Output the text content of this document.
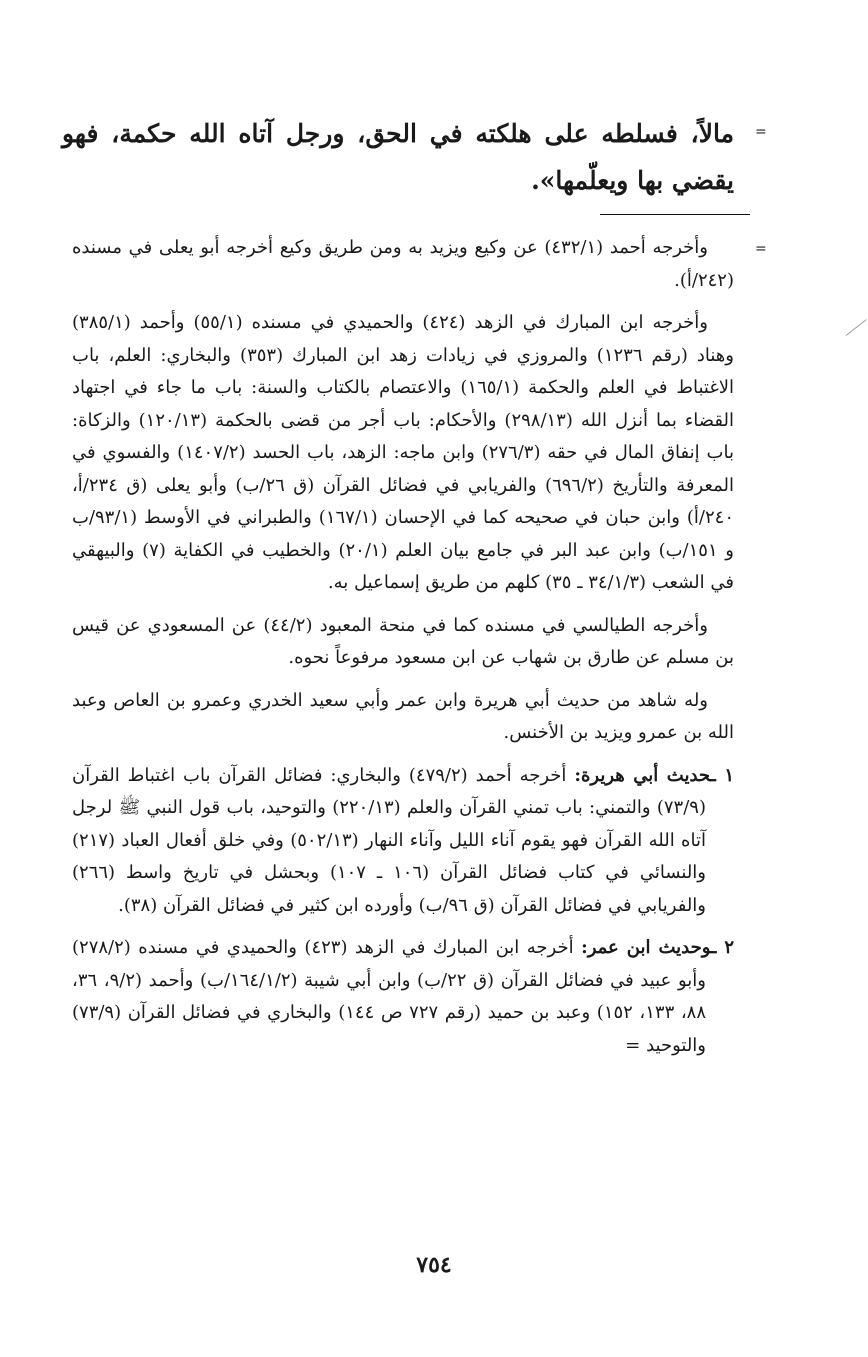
=
مالاً، فسلطه على هلكته في الحق، ورجل آتاه الله حكمة، فهو يقضي بها ويعلّمها».
=

وأخرجه أحمد (٤٣٢/١) عن وكيع ويزيد به ومن طريق وكيع أخرجه أبو يعلى في مسنده (٢٤٢/أ).

وأخرجه ابن المبارك في الزهد (٤٢٤) والحميدي في مسنده (٥٥/١) وأحمد (٣٨٥/١) وهناد (رقم ١٢٣٦) والمروزي في زيادات زهد ابن المبارك (٣٥٣) والبخاري: العلم، باب الاغتباط في العلم والحكمة (١٦٥/١) والاعتصام بالكتاب والسنة: باب ما جاء في اجتهاد القضاء بما أنزل الله (٢٩٨/١٣) والأحكام: باب أجر من قضى بالحكمة (١٢٠/١٣) والزكاة: باب إنفاق المال في حقه (٢٧٦/٣) وابن ماجه: الزهد، باب الحسد (١٤٠٧/٢) والفسوي في المعرفة والتأريخ (٦٩٦/٢) والفريابي في فضائل القرآن (ق ٢٦/ب) وأبو يعلى (ق ٢٣٤/أ، ٢٤٠/أ) وابن حبان في صحيحه كما في الإحسان (١٦٧/١) والطبراني في الأوسط (٩٣/١/ب و ١٥١/ب) وابن عبد البر في جامع بيان العلم (٢٠/١) والخطيب في الكفاية (٧) والبيهقي في الشعب (٣٤/١/٣ ـ ٣٥) كلهم من طريق إسماعيل به.

وأخرجه الطيالسي في مسنده كما في منحة المعبود (٤٤/٢) عن المسعودي عن قيس بن مسلم عن طارق بن شهاب عن ابن مسعود مرفوعاً نحوه.

وله شاهد من حديث أبي هريرة وابن عمر وأبي سعيد الخدري وعمرو بن العاص وعبد الله بن عمرو ويزيد بن الأخنس.

١ ـحديث أبي هريرة: أخرجه أحمد (٤٧٩/٢) والبخاري: فضائل القرآن باب اغتباط القرآن (٧٣/٩) والتمني: باب تمني القرآن والعلم (٢٢٠/١٣) والتوحيد، باب قول النبي ﷺ لرجل آتاه الله القرآن فهو يقوم آناء الليل وآناء النهار (٥٠٢/١٣) وفي خلق أفعال العباد (٢١٧) والنسائي في كتاب فضائل القرآن (١٠٦ ـ ١٠٧) وبحشل في تاريخ واسط (٢٦٦) والفريابي في فضائل القرآن (ق ٩٦/ب) وأورده ابن كثير في فضائل القرآن (٣٨).

٢ ـوحديث ابن عمر: أخرجه ابن المبارك في الزهد (٤٢٣) والحميدي في مسنده (٢٧٨/٢) وأبو عبيد في فضائل القرآن (ق ٢٢/ب) وابن أبي شيبة (١٦٤/١/٢/ب) وأحمد (٩/٢، ٣٦، ٨٨، ١٣٣، ١٥٢) وعبد بن حميد (رقم ٧٢٧ ص ١٤٤) والبخاري في فضائل القرآن (٧٣/٩) والتوحيد =

٧٥٤
